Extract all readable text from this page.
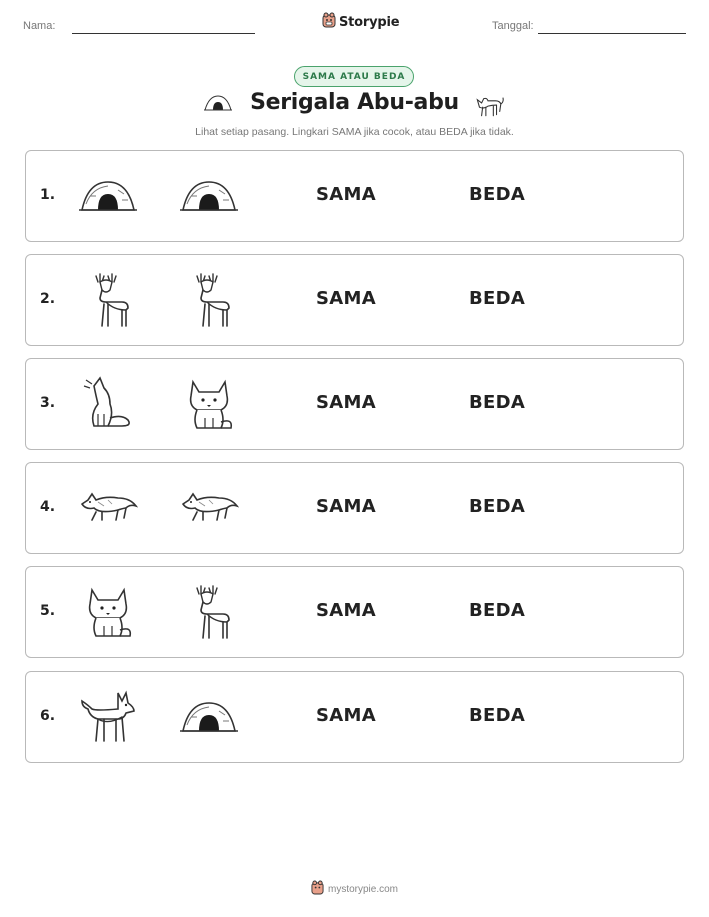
Nama:	Storypie	Tanggal:
SAMA ATAU BEDA
Serigala Abu-abu
Lihat setiap pasang. Lingkari SAMA jika cocok, atau BEDA jika tidak.
1.	SAMA	BEDA
2.	SAMA	BEDA
3.	SAMA	BEDA
4.	SAMA	BEDA
5.	SAMA	BEDA
6.	SAMA	BEDA
mystorypie.com
